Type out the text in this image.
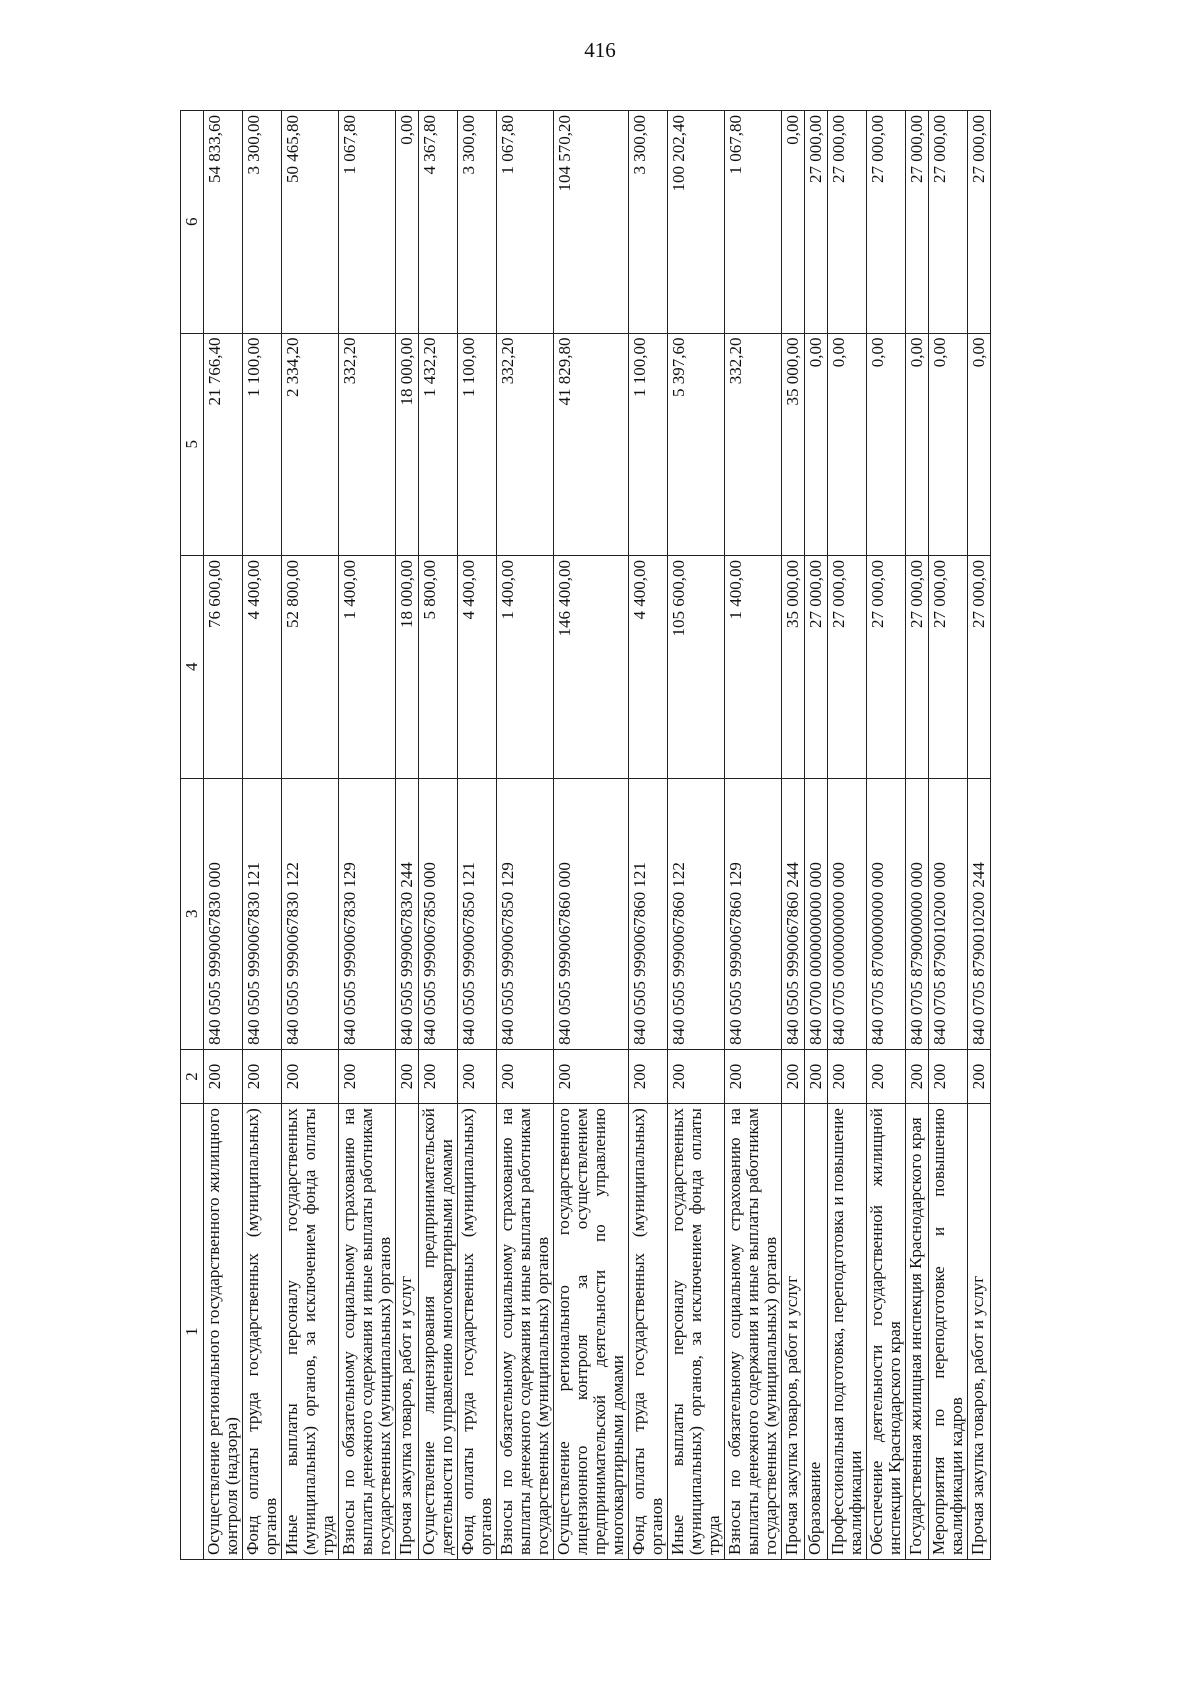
416
1	2	3	4	5	6
Осуществление регионального государственного жилищного контроля (надзора)	200	840 0505 9990067830 000	76 600,00	21 766,40	54 833,60
Фонд оплаты труда государственных (муниципальных) органов	200	840 0505 9990067830 121	4 400,00	1 100,00	3 300,00
Иные выплаты персоналу государственных (муниципальных) органов, за исключением фонда оплаты труда	200	840 0505 9990067830 122	52 800,00	2 334,20	50 465,80
Взносы по обязательному социальному страхованию на выплаты денежного содержания и иные выплаты работникам государственных (муниципальных) органов	200	840 0505 9990067830 129	1 400,00	332,20	1 067,80
Прочая закупка товаров, работ и услуг	200	840 0505 9990067830 244	18 000,00	18 000,00	0,00
Осуществление лицензирования предпринимательской деятельности по управлению многоквартирными домами	200	840 0505 9990067850 000	5 800,00	1 432,20	4 367,80
Фонд оплаты труда государственных (муниципальных) органов	200	840 0505 9990067850 121	4 400,00	1 100,00	3 300,00
Взносы по обязательному социальному страхованию на выплаты денежного содержания и иные выплаты работникам государственных (муниципальных) органов	200	840 0505 9990067850 129	1 400,00	332,20	1 067,80
Осуществление регионального государственного лицензионного контроля за осуществлением предпринимательской деятельности по управлению многоквартирными домами	200	840 0505 9990067860 000	146 400,00	41 829,80	104 570,20
Фонд оплаты труда государственных (муниципальных) органов	200	840 0505 9990067860 121	4 400,00	1 100,00	3 300,00
Иные выплаты персоналу государственных (муниципальных) органов, за исключением фонда оплаты труда	200	840 0505 9990067860 122	105 600,00	5 397,60	100 202,40
Взносы по обязательному социальному страхованию на выплаты денежного содержания и иные выплаты работникам государственных (муниципальных) органов	200	840 0505 9990067860 129	1 400,00	332,20	1 067,80
Прочая закупка товаров, работ и услуг	200	840 0505 9990067860 244	35 000,00	35 000,00	0,00
Образование	200	840 0700 0000000000 000	27 000,00	0,00	27 000,00
Профессиональная подготовка, переподготовка и повышение квалификации	200	840 0705 0000000000 000	27 000,00	0,00	27 000,00
Обеспечение деятельности государственной жилищной инспекции Краснодарского края	200	840 0705 8700000000 000	27 000,00	0,00	27 000,00
Государственная жилищная инспекция Краснодарского края	200	840 0705 8790000000 000	27 000,00	0,00	27 000,00
Мероприятия по переподготовке и повышению квалификации кадров	200	840 0705 8790010200 000	27 000,00	0,00	27 000,00
Прочая закупка товаров, работ и услуг	200	840 0705 8790010200 244	27 000,00	0,00	27 000,00
